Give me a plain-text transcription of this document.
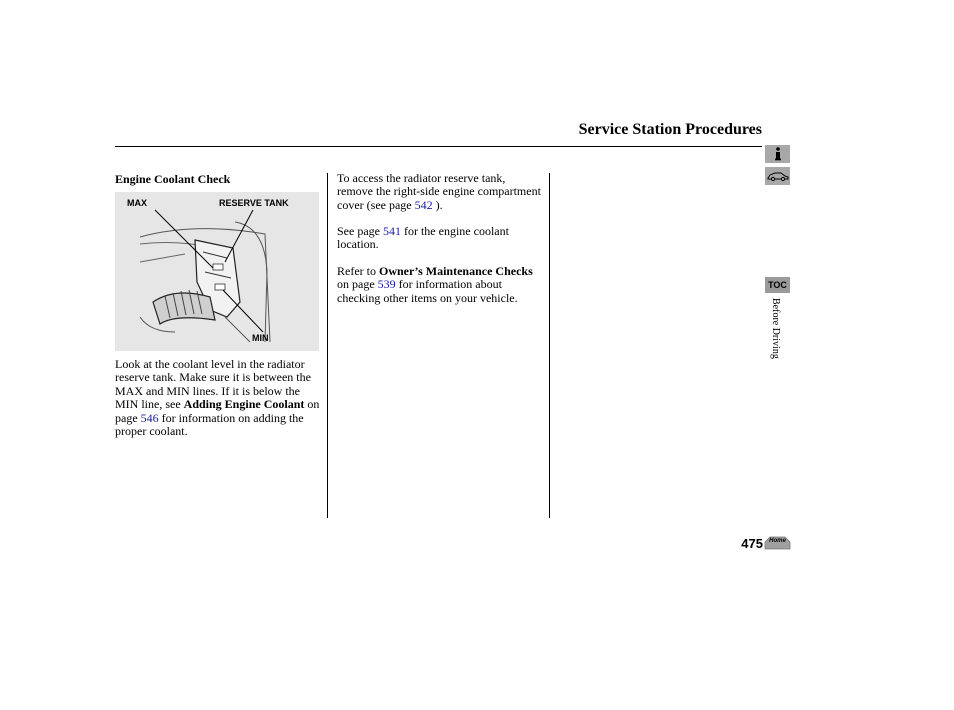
Service Station Procedures
Engine Coolant Check
MAX	RESERVE TANK
MIN

Look at the coolant level in the radiator reserve tank. Make sure it is between the MAX and MIN lines. If it is below the MIN line, see Adding Engine Coolant on page 546 for information on adding the proper coolant.

To access the radiator reserve tank, remove the right-side engine compartment cover (see page 542 ).

See page 541 for the engine coolant location.

Refer to Owner’s Maintenance Checks on page 539 for information about checking other items on your vehicle.

TOC
Before Driving
475	Home
